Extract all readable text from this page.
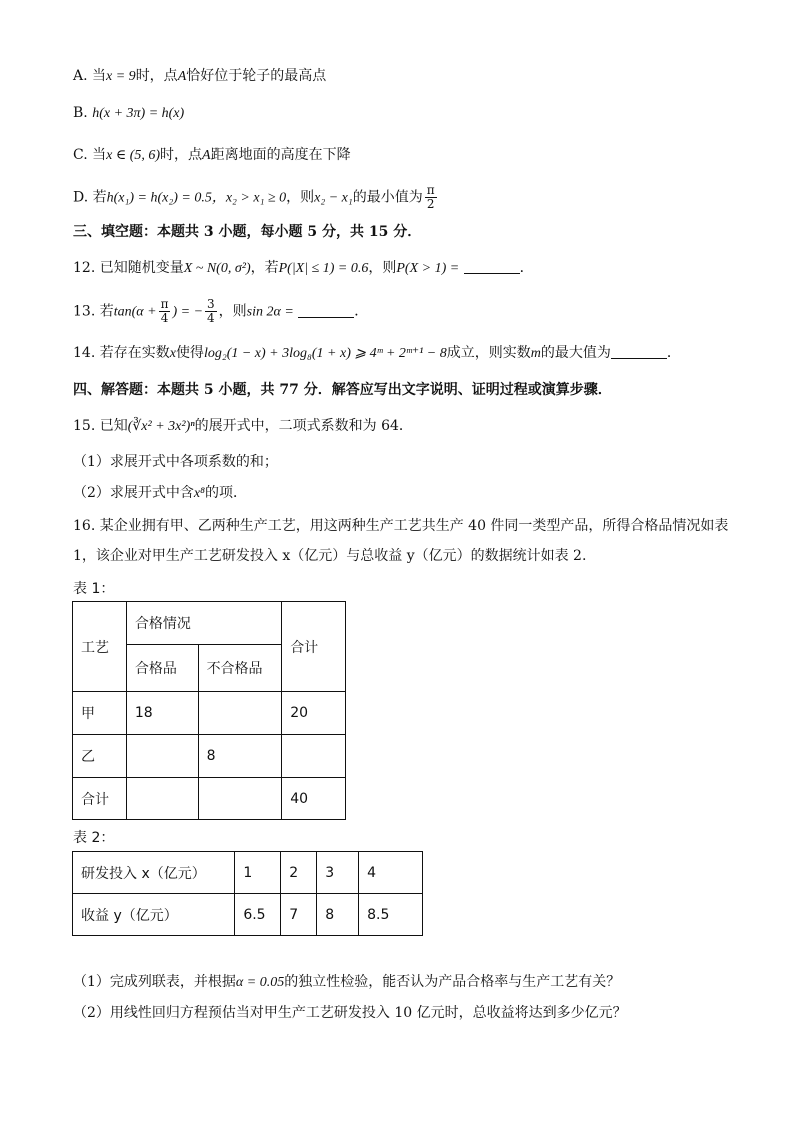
A. 当x = 9时，点A恰好位于轮子的最高点
B. h(x + 3π) = h(x)
C. 当x ∈ (5, 6)时，点A距离地面的高度在下降
D. 若h(x₁) = h(x₂) = 0.5，x₂ > x₁ ≥ 0，则x₂ − x₁的最小值为 $\frac{\pi}{2}$
三、填空题：本题共 3 小题，每小题 5 分，共 15 分．
12. 已知随机变量X ~ N(0, σ²)，若P(|X| ≤ 1) = 0.6，则P(X > 1) =	．
13. 若$\tan(\alpha + \frac{\pi}{4}$ ) = − $\frac{3}{4}$ ，则sin 2α =	．
14. 若存在实数x使得log₂(1 − x) + 3log₈(1 + x) ⩾ 4ᵐ + 2ᵐ⁺¹ − 8成立，则实数m的最大值为	．
四、解答题：本题共 5 小题，共 77 分．解答应写出文字说明、证明过程或演算步骤．
15. 已知(∛x² + 3x²)ⁿ的展开式中，二项式系数和为 64．
（1）求展开式中各项系数的和；
（2）求展开式中含x⁸的项．
16. 某企业拥有甲、乙两种生产工艺，用这两种生产工艺共生产 40 件同一类型产品，所得合格品情况如表
1，该企业对甲生产工艺研发投入 x（亿元）与总收益 y（亿元）的数据统计如表 2.
表 1：
工艺	合格情况		合计
	合格品	不合格品	
甲	18		20
乙		8	
合计			40
表 2：
研发投入 x（亿元）	1	2	3	4
收益 y（亿元）	6.5	7	8	8.5
（1）完成列联表，并根据α = 0.05的独立性检验，能否认为产品合格率与生产工艺有关？
（2）用线性回归方程预估当对甲生产工艺研发投入 10 亿元时，总收益将达到多少亿元？
